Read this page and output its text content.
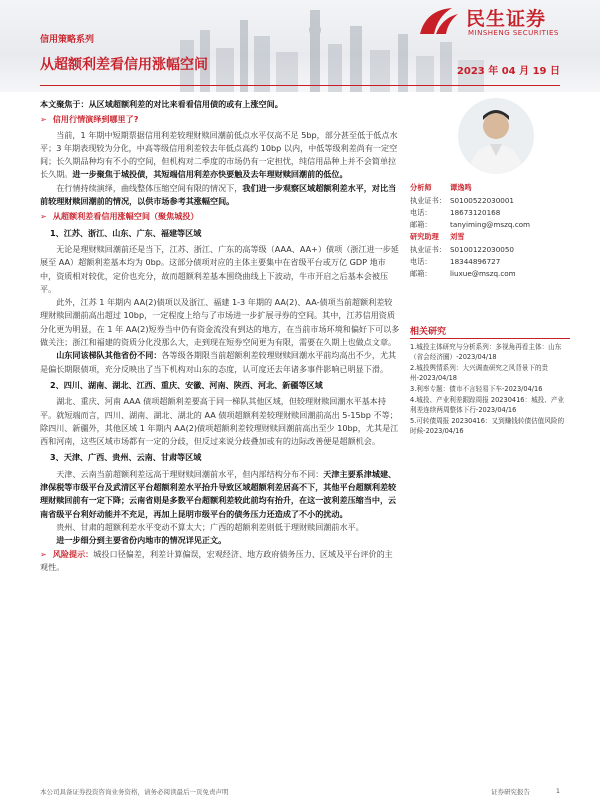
信用策略系列
从超额利差看信用涨幅空间	2023 年 04 月 19 日
民生证券
MINSHENG SECURITIES

本文聚焦于：从区域超额利差的对比来看看信用债的或有上涨空间。

➢ 信用行情演绎到哪里了?

当前，1 年期中短期票据信用利差较理财赎回潮前低点水平仅高不足 5bp，部分甚至低于低点水平；3 年期表现较为分化，中高等级信用利差较去年低点高约 10bp 以内，中低等级利差尚有一定空间；长久期品种均有不小的空间，但机构对二季度的市场仍有一定担忧，纯信用品种上并不会简单拉长久期。进一步聚焦于城投债，其短端信用利差亦快要触及去年理财赎回潮前的低位。

在行情持续演绎，曲线整体压缩空间有限的情况下，我们进一步观察区域超额利差水平，对比当前较理财赎回潮前的情况，以供市场参考其涨幅空间。

➢ 从超额利差看信用涨幅空间（聚焦城投）

1、江苏、浙江、山东、广东、福建等区域

无论是理财赎回潮前还是当下，江苏、浙江、广东的高等级（AAA、AA+）债项（浙江进一步延展至 AA）超额利差基本均为 0bp。这部分债项对应的主体主要集中在省级平台或万亿 GDP 地市中，资质相对较优，定价也充分，故而超额利差基本围绕曲线上下波动，牛市开启之后基本会被压平。

此外，江苏 1 年期内 AA(2)债项以及浙江、福建 1-3 年期的 AA(2)、AA-债项当前超额利差较理财赎回潮前高出超过 10bp，一定程度上给与了市场进一步扩展寻券的空间。其中，江苏信用资质分化更为明显，在 1 年 AA(2)短券当中仍有资金流没有到达的地方，在当前市场环境和偏好下可以多做关注；浙江和福建的资质分化没那么大，走到现在短券空间更为有限，需要在久期上也做点文章。

山东同该梯队其他省份不同：各等级各期限当前超额利差较理财赎回潮水平前均高出不少，尤其是偏长期限债项，充分反映出了当下机构对山东的态度，认可度还去年诸多事件影响已明显下滑。

2、四川、湖南、湖北、江西、重庆、安徽、河南、陕西、河北、新疆等区域

湖北、重庆、河南 AAA 债项超额利差要高于同一梯队其他区域，但较理财赎回潮水平基本持平。就短端而言，四川、湖南、湖北、湖北的 AA 债项超额利差较理财赎回潮前高出 5-15bp 不等；除四川、新疆外，其他区域 1 年期内 AA(2)债项超额利差较理财赎回潮前高出至少 10bp，尤其是江西和河南，这些区域市场都有一定的分歧，但反过来说分歧叠加或有的边际改善便是超额机会。

3、天津、广西、贵州、云南、甘肃等区域

天津、云南当前超额利差远高于理财赎回潮前水平，但内部结构分布不同：天津主要系津城建、津保税等市级平台及武清区平台超额利差水平抬升导致区域超额利差居高不下，其他平台超额利差较理财赎回前有一定下降；云南省则是多数平台超额利差较此前均有抬升，在这一波利差压缩当中，云南省级平台利好动能并不充足，再加上昆明市级平台的债务压力还造成了不小的扰动。

贵州、甘肃的超额利差水平变动不算太大；广西的超额利差则低于理财赎回潮前水平。

进一步细分到主要省份内地市的情况详见正文。

➢ 风险提示：城投口径偏差，利差计算偏误，宏观经济、地方政府债务压力、区域及平台评价的主观性。

分析师	谭逸鸣
执业证书： S0100522030001
电话：	18673120168
邮箱：	tanyiming@mszq.com
研究助理 刘雪
执业证书： S0100122030050
电话：	18344896727
邮箱：	liuxue@mszq.com
相关研究
1.城投主体研究与分析系列：多视角再看主体：山东（省会经济圈）-2023/04/18
2.城投舆情系列：大兴调查研究之风背景下的贵州-2023/04/18
3.利率专题：债市不言轻易下车-2023/04/16
4.城投、产业利差跟踪周报 20230416：城投、产业利差连续两周整体下行-2023/04/16
5.可转债周报 20230416：又到赚钱转债估值风险的时候-2023/04/16
本公司具备证券投资咨询业务资格，请务必阅读最后一页免责声明	证券研究报告	1
